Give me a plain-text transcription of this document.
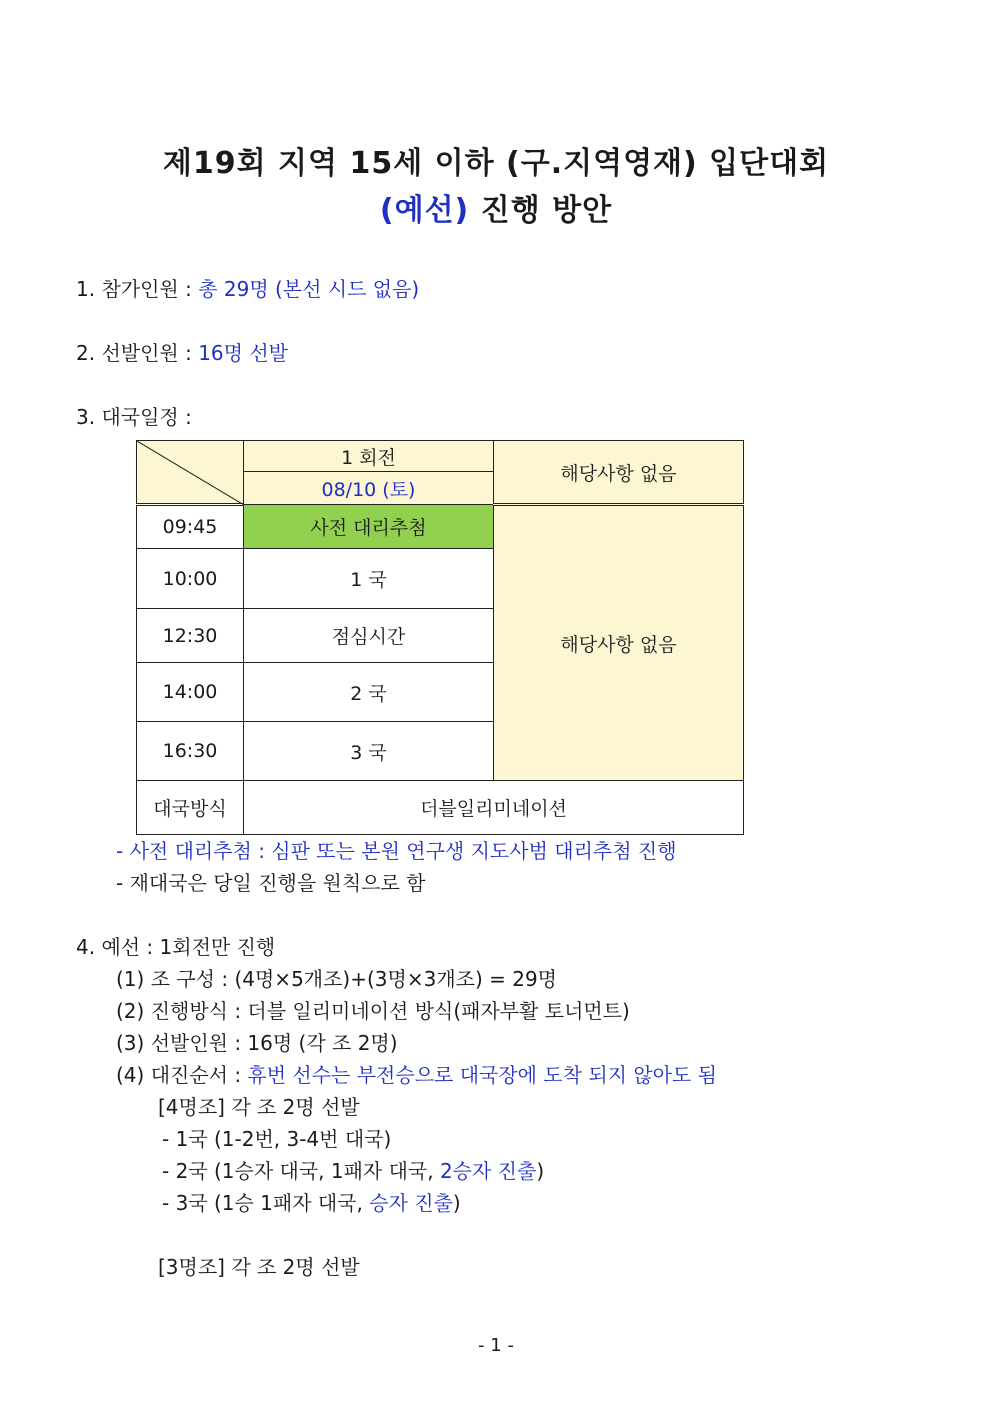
제19회 지역 15세 이하 (구.지역영재) 입단대회
(예선) 진행 방안
1. 참가인원 : 총 29명 (본선 시드 없음)
2. 선발인원 : 16명 선발
3. 대국일정 :
	1 회전	해당사항 없음
	08/10 (토)	
09:45	사전 대리추첨	해당사항 없음
10:00	1 국	
12:30	점심시간	
14:00	2 국	
16:30	3 국	
대국방식	더블일리미네이션	
- 사전 대리추첨 : 심판 또는 본원 연구생 지도사범 대리추첨 진행
- 재대국은 당일 진행을 원칙으로 함
4. 예선 : 1회전만 진행
(1) 조 구성 : (4명×5개조)+(3명×3개조) = 29명
(2) 진행방식 : 더블 일리미네이션 방식(패자부활 토너먼트)
(3) 선발인원 : 16명 (각 조 2명)
(4) 대진순서 : 휴번 선수는 부전승으로 대국장에 도착 되지 않아도 됨
[4명조] 각 조 2명 선발
- 1국 (1-2번, 3-4번 대국)
- 2국 (1승자 대국, 1패자 대국, 2승자 진출)
- 3국 (1승 1패자 대국, 승자 진출)
[3명조] 각 조 2명 선발
- 1 -
